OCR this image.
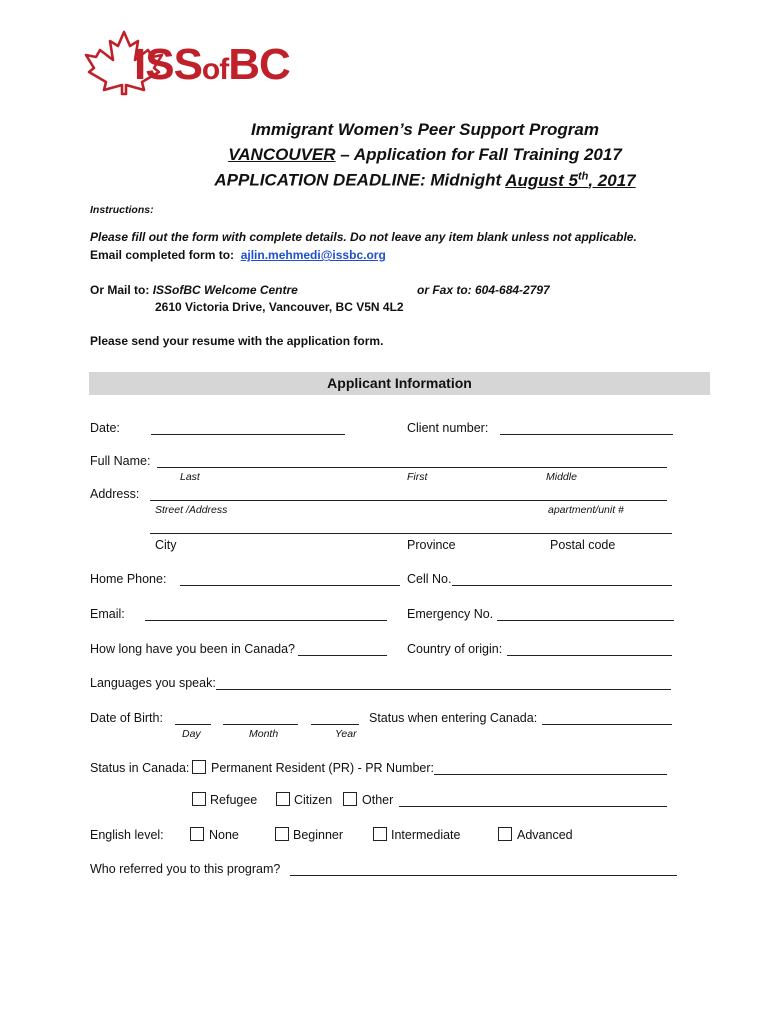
ISSofBC
Immigrant Women’s Peer Support Program
VANCOUVER – Application for Fall Training 2017
APPLICATION DEADLINE: Midnight August 5th, 2017
Instructions:
Please fill out the form with complete details. Do not leave any item blank unless not applicable.
Email completed form to: ajlin.mehmedi@issbc.org
Or Mail to: ISSofBC Welcome Centre	or Fax to: 604-684-2797
2610 Victoria Drive, Vancouver, BC V5N 4L2
Please send your resume with the application form.
Applicant Information
Date:	Client number:
Full Name:
Last	First	Middle
Address:
Street /Address	apartment/unit #
City	Province	Postal code
Home Phone:	Cell No.
Email:	Emergency No.
How long have you been in Canada?	Country of origin:
Languages you speak:
Date of Birth:
Day	Month	Year
Status when entering Canada:
Status in Canada: Permanent Resident (PR) - PR Number:
Refugee	Citizen Other
English level:	None	Beginner	Intermediate	Advanced
Who referred you to this program?
